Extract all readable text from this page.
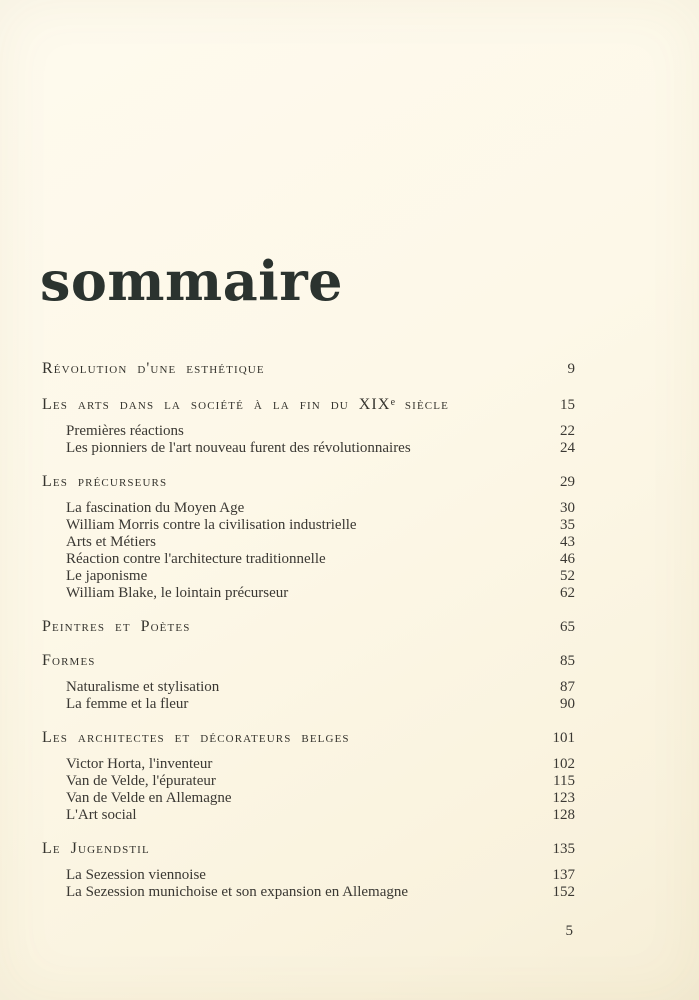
sommaire
Révolution d'une esthétique	9
Les arts dans la société à la fin du XIXe siècle	15
Premières réactions	22
Les pionniers de l'art nouveau furent des révolutionnaires	24
Les précurseurs	29
La fascination du Moyen Age	30
William Morris contre la civilisation industrielle	35
Arts et Métiers	43
Réaction contre l'architecture traditionnelle	46
Le japonisme	52
William Blake, le lointain précurseur	62
Peintres et Poètes	65
Formes	85
Naturalisme et stylisation	87
La femme et la fleur	90
Les architectes et décorateurs belges	101
Victor Horta, l'inventeur	102
Van de Velde, l'épurateur	115
Van de Velde en Allemagne	123
L'Art social	128
Le Jugendstil	135
La Sezession viennoise	137
La Sezession munichoise et son expansion en Allemagne	152
5
